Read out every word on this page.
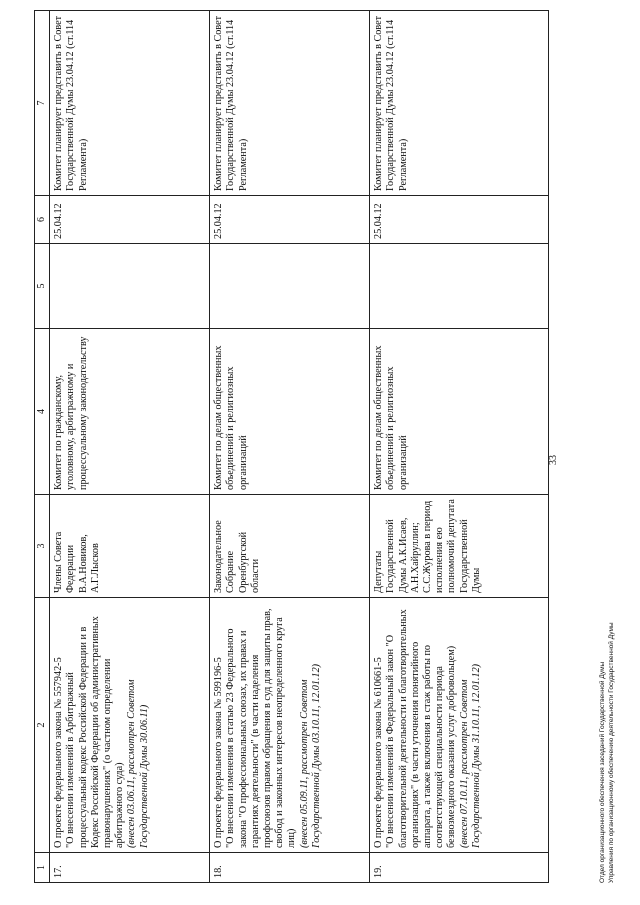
33
1	2	3	4	5	6	7
17.	О проекте федерального закона № 557942-5 "О внесении изменений в Арбитражный процессуальный кодекс Российской Федерации и в Кодекс Российской Федерации об административных правонарушениях" (о частном определении арбитражного суда) (внесен 03.06.11, рассмотрен Советом Государственной Думы 30.06.11)	Члены Совета Федерации В.А.Новиков, А.Г.Лысков	Комитет по гражданскому, уголовному, арбитражному и процессуальному законодательству		25.04.12	Комитет планирует представить в Совет Государственной Думы 23.04.12 (ст.114 Регламента)
18.	О проекте федерального закона № 599196-5 "О внесении изменения в статью 23 Федерального закона "О профессиональных союзах, их правах и гарантиях деятельности" (в части наделения профсоюзов правом обращения в суд для защиты прав, свобод и законных интересов неопределенного круга лиц) (внесен 05.09.11, рассмотрен Советом Государственной Думы 03.10.11, 12.01.12)	Законодательное Собрание Оренбургской области	Комитет по делам общественных объединений и религиозных организаций		25.04.12	Комитет планирует представить в Совет Государственной Думы 23.04.12 (ст.114 Регламента)
19.	О проекте федерального закона № 610661-5 "О внесении изменений в Федеральный закон "О благотворительной деятельности и благотворительных организациях" (в части уточнения понятийного аппарата, а также включения в стаж работы по соответствующей специальности периода безвозмездного оказания услуг добровольцем) (внесен 07.10.11, рассмотрен Советом Государственной Думы 31.10.11, 12.01.12)	Депутаты Государственной Думы А.К.Исаев, А.Н.Хайруллин; С.С.Журова в период исполнения ею полномочий депутата Государственной Думы	Комитет по делам общественных объединений и религиозных организаций		25.04.12	Комитет планирует представить в Совет Государственной Думы 23.04.12 (ст.114 Регламента)
Отдел организационного обеспечения заседаний Государственной Думы Управления по организационному обеспечению деятельности Государственной Думы
